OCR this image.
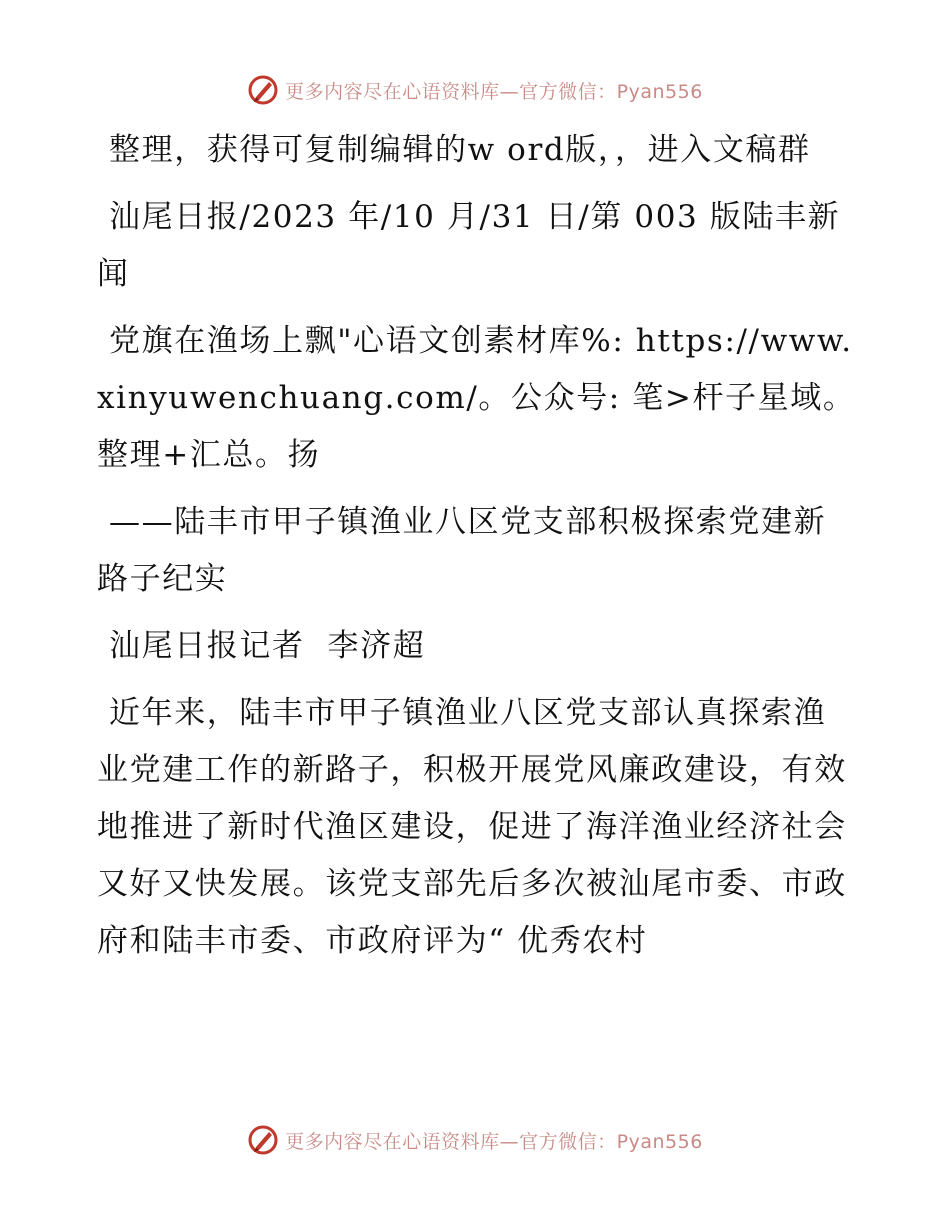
更多内容尽在心语资料库—官方微信：Pyan556

整理，获得可复制编辑的w ord版，，进入文稿群

汕尾日报/2023 年/10 月/31 日/第 003 版陆丰新闻

党旗在渔场上飘"心语文创素材库%: https://www.xinyuwenchuang.com/。公众号: 笔>杆子星域。整理+汇总。扬

——陆丰市甲子镇渔业八区党支部积极探索党建新路子纪实

汕尾日报记者  李济超

近年来，陆丰市甲子镇渔业八区党支部认真探索渔业党建工作的新路子，积极开展党风廉政建设，有效地推进了新时代渔区建设，促进了海洋渔业经济社会又好又快发展。该党支部先后多次被汕尾市委、市政府和陆丰市委、市政府评为“ 优秀农村

更多内容尽在心语资料库—官方微信：Pyan556
